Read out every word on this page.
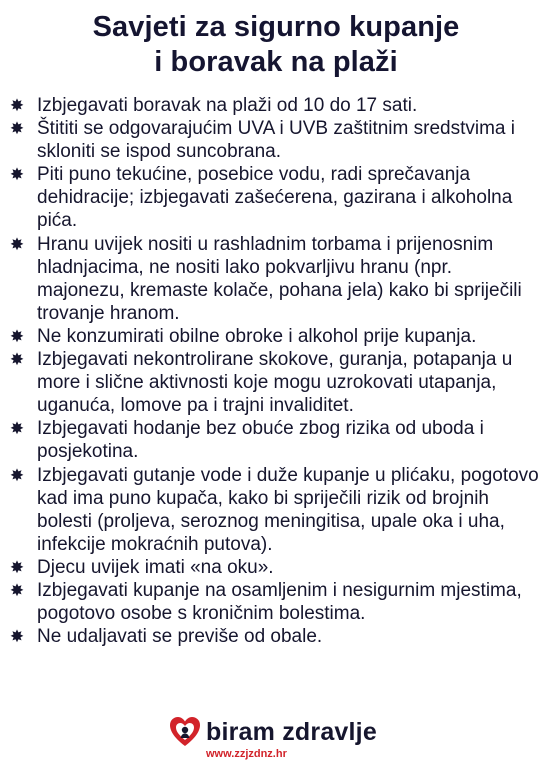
Savjeti za sigurno kupanje
i boravak na plaži
✸ Izbjegavati boravak na plaži od 10 do 17 sati.
✸ Štititi se odgovarajućim UVA i UVB zaštitnim sredstvima i skloniti se ispod suncobrana.
✸ Piti puno tekućine, posebice vodu, radi sprečavanja dehidracije; izbjegavati zašećerena, gazirana i alkoholna pića.
✸ Hranu uvijek nositi u rashladnim torbama i prijenosnim hladnjacima, ne nositi lako pokvarljivu hranu (npr. majonezu, kremaste kolače, pohana jela) kako bi spriječili trovanje hranom.
✸ Ne konzumirati obilne obroke i alkohol prije kupanja.
✸ Izbjegavati nekontrolirane skokove, guranja, potapanja u more i slične aktivnosti koje mogu uzrokovati utapanja, uganuća, lomove pa i trajni invaliditet.
✸ Izbjegavati hodanje bez obuće zbog rizika od uboda i posjekotina.
✸ Izbjegavati gutanje vode i duže kupanje u plićaku, pogotovo kad ima puno kupača, kako bi spriječili rizik od brojnih bolesti (proljeva, seroznog meningitisa, upale oka i uha, infekcije mokraćnih putova).
✸ Djecu uvijek imati «na oku».
✸ Izbjegavati kupanje na osamljenim i nesigurnim mjestima, pogotovo osobe s kroničnim bolestima.
✸ Ne udaljavati se previše od obale.
biram zdravlje
www.zzjzdnz.hr
